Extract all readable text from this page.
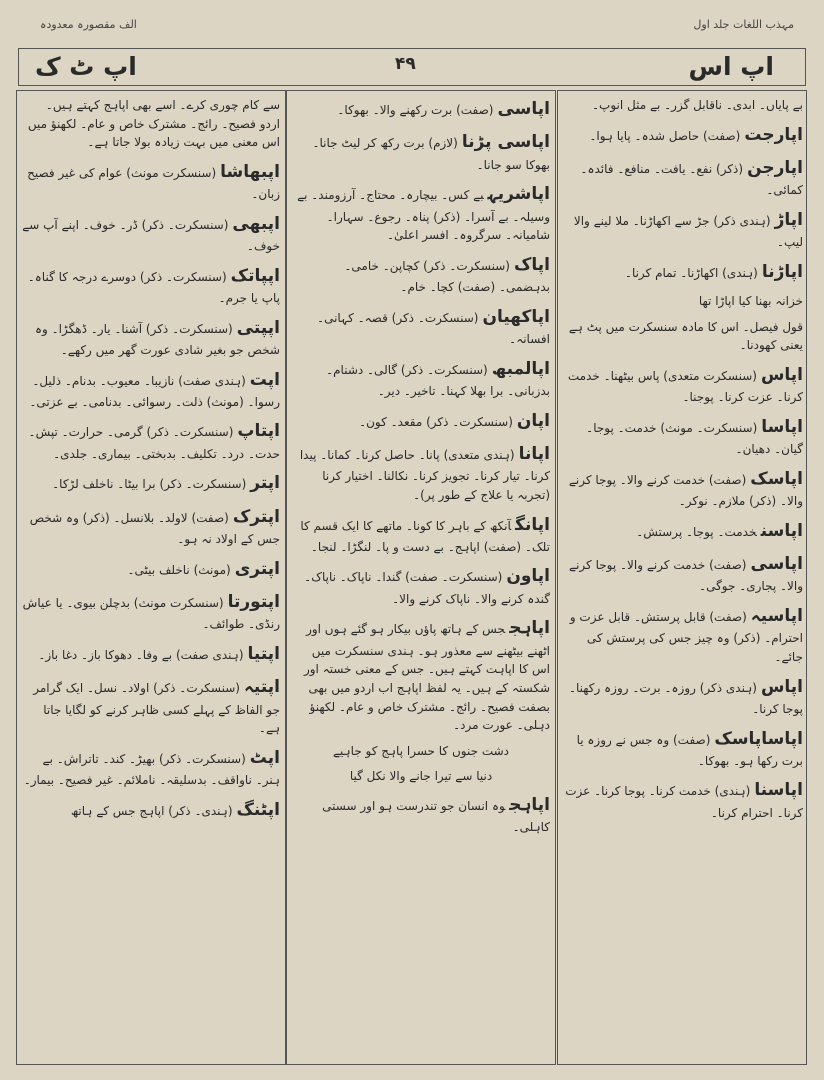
مہذب اللغات جلد اول
الف مقصورہ معدودہ
اپ اس
۴۹
اپ ٹ ک

بے پایاں۔ ابدی۔ ناقابل گزر۔ بے مثل انوپ۔

اپارجت(صفت) حاصل شدہ۔ پایا ہوا۔

اپارجن(ذکر) نفع۔ یافت۔ منافع۔ فائدہ۔ کمائی۔

اپاڑ(ہندی ذکر) جڑ سے اکھاڑنا۔ ملا لینے والا لیپ۔

اپاڑنا(ہندی) اکھاڑنا۔ تمام کرنا۔

خزانہ بھنا کیا اپاڑا تھا

قول فیصل۔ اس کا مادہ سنسکرت میں پٹ ہے یعنی کھودنا۔

اپاس(سنسکرت متعدی) پاس بیٹھنا۔ خدمت کرنا۔ عزت کرنا۔ پوجنا۔

اپاسا(سنسکرت۔ مونث) خدمت۔ پوجا۔ گیان۔ دھیان۔

اپاسک(صفت) خدمت کرنے والا۔ پوجا کرنے والا۔ (ذکر) ملازم۔ نوکر۔

اپاسنخدمت۔ پوجا۔ پرستش۔

اپاسی(صفت) خدمت کرنے والا۔ پوجا کرنے والا۔ پجاری۔ جوگی۔

اپاسیہ(صفت) قابل پرستش۔ قابل عزت و احترام۔ (ذکر) وہ چیز جس کی پرستش کی جائے۔

اپاس(ہندی ذکر) روزہ۔ برت۔ روزہ رکھنا۔ پوجا کرنا۔

اپاساپاسک(صفت) وہ جس نے روزہ یا برت رکھا ہو۔ بھوکا۔

اپاسنا(ہندی) خدمت کرنا۔ پوجا کرنا۔ عزت کرنا۔ احترام کرنا۔

اپاسی(صفت) برت رکھنے والا۔ بھوکا۔

اپاسی پڑنا(لازم) برت رکھ کر لیٹ جانا۔ بھوکا سو جانا۔

اپاشریہبے کس۔ بیچارہ۔ محتاج۔ آرزومند۔ بے وسیلہ۔ بے آسرا۔ (ذکر) پناہ۔ رجوع۔ سہارا۔ شامیانہ۔ سرگروہ۔ افسر اعلیٰ۔

اپاک(سنسکرت۔ ذکر) کچاپن۔ خامی۔ بدہضمی۔ (صفت) کچا۔ خام۔

اپاکھیان(سنسکرت۔ ذکر) قصہ۔ کہانی۔ افسانہ۔

اپالمبھ(سنسکرت۔ ذکر) گالی۔ دشنام۔ بدزبانی۔ برا بھلا کہنا۔ تاخیر۔ دیر۔

اپان(سنسکرت۔ ذکر) مقعد۔ کون۔

اپانا(ہندی متعدی) پانا۔ حاصل کرنا۔ کمانا۔ پیدا کرنا۔ تیار کرنا۔ تجویز کرنا۔ نکالنا۔ اختیار کرنا (تجربہ یا علاج کے طور پر)۔

اپانگآنکھ کے باہر کا کونا۔ ماتھے کا ایک قسم کا تلک۔ (صفت) اپاہج۔ بے دست و پا۔ لنگڑا۔ لنجا۔

اپاون(سنسکرت۔ صفت) گندا۔ ناپاک۔ ناپاک۔ گندہ کرنے والا۔ ناپاک کرنے والا۔

اپاہججس کے ہاتھ پاؤں بیکار ہو گئے ہوں اور اٹھنے بیٹھنے سے معذور ہو۔ ہندی سنسکرت میں اس کا اپاہت کہتے ہیں۔ جس کے معنی خستہ اور شکستہ کے ہیں۔ یہ لفظ اپاہج اب اردو میں بھی بصفت فصیح۔ رائج۔ مشترک خاص و عام۔ لکھنؤ دہلی۔ عورت مرد۔

دشت جنوں کا حسرا پاہج کو جاہیے

دنیا سے تیرا جانے والا نکل گیا

اپاہجوہ انسان جو تندرست ہو اور سستی کاہلی۔

سے کام چوری کرے۔ اسے بھی اپاہج کہتے ہیں۔ اردو فصیح۔ رائج۔ مشترک خاص و عام۔ لکھنؤ میں اس معنی میں بہت زیادہ بولا جاتا ہے۔

اپبھاشا(سنسکرت مونث) عوام کی غیر فصیح زبان۔

اپبھی(سنسکرت۔ ذکر) ڈر۔ خوف۔ اپنے آپ سے خوف۔

اپپاتک(سنسکرت۔ ذکر) دوسرے درجہ کا گناہ۔ پاپ یا جرم۔

اپپتی(سنسکرت۔ ذکر) آشنا۔ یار۔ ڈھگڑا۔ وہ شخص جو بغیر شادی عورت گھر میں رکھے۔

اپت(ہندی صفت) نازیبا۔ معیوب۔ بدنام۔ ذلیل۔ رسوا۔ (مونث) ذلت۔ رسوائی۔ بدنامی۔ بے عزتی۔

اپتاپ(سنسکرت۔ ذکر) گرمی۔ حرارت۔ تپش۔ حدت۔ درد۔ تکلیف۔ بدبختی۔ بیماری۔ جلدی۔

اپتر(سنسکرت۔ ذکر) برا بیٹا۔ ناخلف لڑکا۔

اپترک(صفت) لاولد۔ بلانسل۔ (ذکر) وہ شخص جس کے اولاد نہ ہو۔

اپتری(مونث) ناخلف بیٹی۔

اپتورتا(سنسکرت مونث) بدچلن بیوی۔ یا عیاش رنڈی۔ طوائف۔

اپتیا(ہندی صفت) بے وفا۔ دھوکا باز۔ دغا باز۔

اپتیہ(سنسکرت۔ ذکر) اولاد۔ نسل۔ ایک گرامر جو الفاظ کے پہلے کسی ظاہر کرنے کو لگایا جاتا ہے۔

اپٹ(سنسکرت۔ ذکر) بھیڑ۔ کند۔ تاتراش۔ بے ہنر۔ ناواقف۔ بدسلیقہ۔ ناملائم۔ غیر فصیح۔ بیمار۔

اپٹنگ(ہندی۔ ذکر) اپاہج جس کے ہاتھ
